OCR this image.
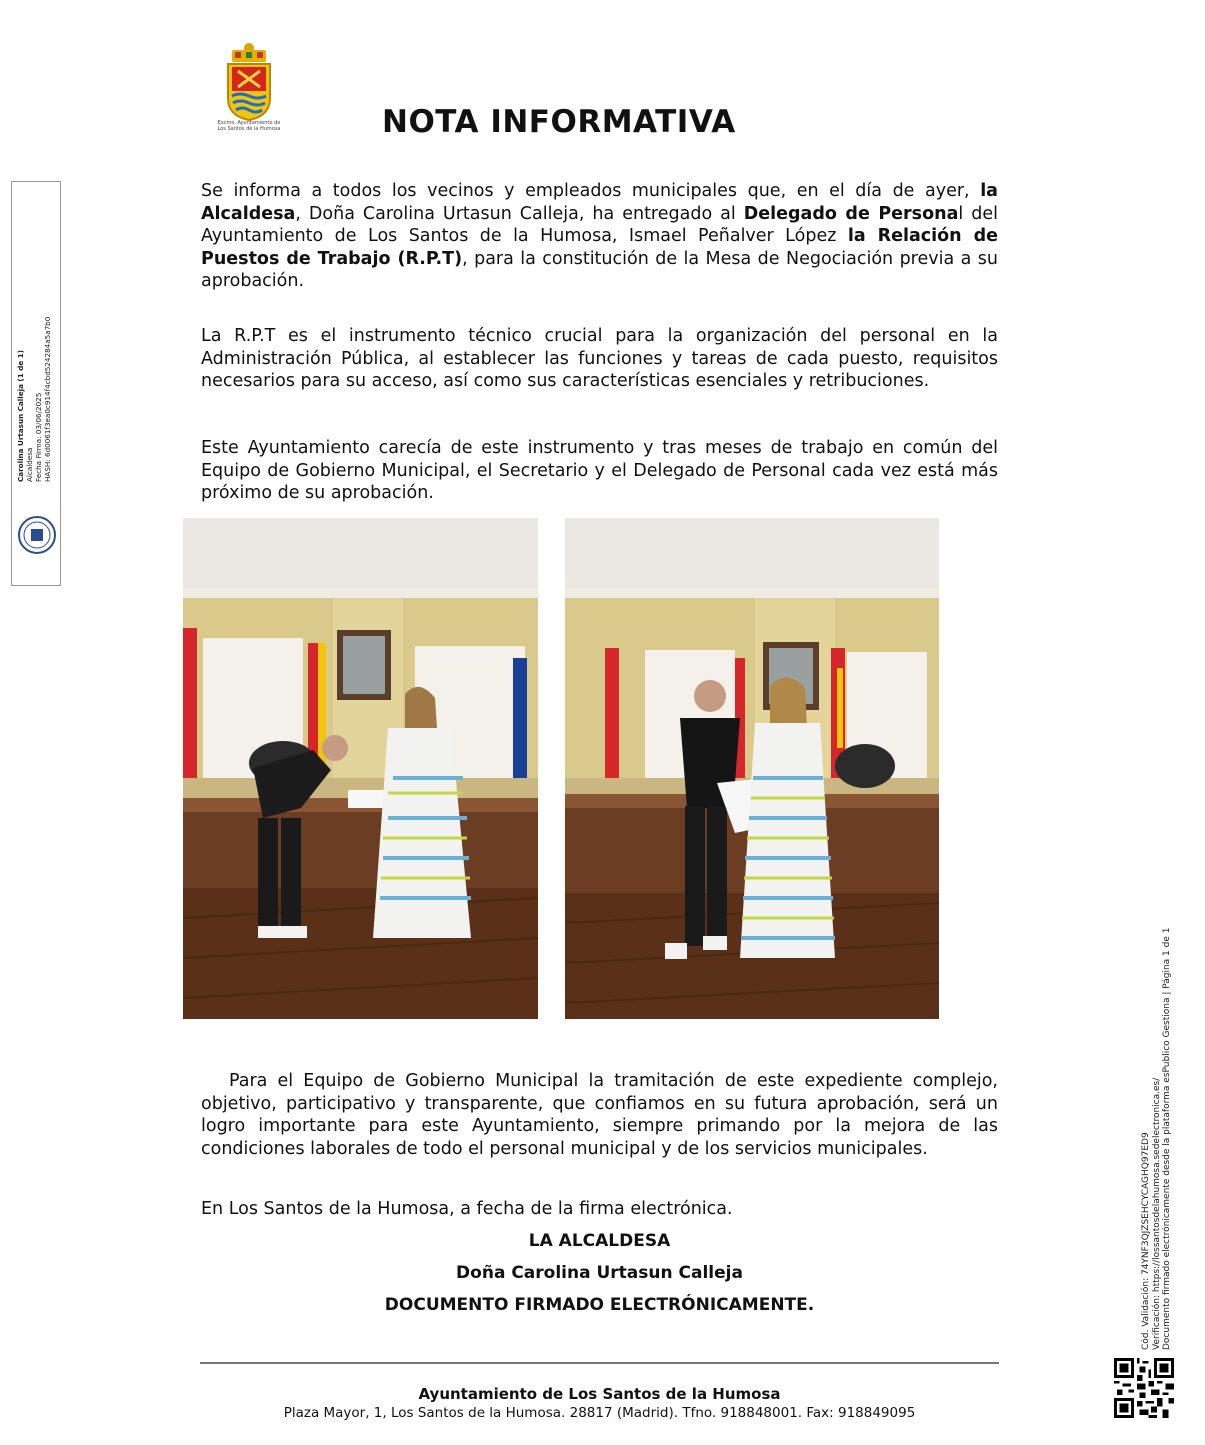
Excmo. Ayuntamiento de Los Santos de la Humosa	NOTA INFORMATIVA
Se informa a todos los vecinos y empleados municipales que, en el día de ayer, la Alcaldesa, Doña Carolina Urtasun Calleja, ha entregado al Delegado de Personal del Ayuntamiento de Los Santos de la Humosa, Ismael Peñalver López la Relación de Puestos de Trabajo (R.P.T), para la constitución de la Mesa de Negociación previa a su aprobación.
La R.P.T es el instrumento técnico crucial para la organización del personal en la Administración Pública, al establecer las funciones y tareas de cada puesto, requisitos necesarios para su acceso, así como sus características esenciales y retribuciones.
Este Ayuntamiento carecía de este instrumento y tras meses de trabajo en común del Equipo de Gobierno Municipal, el Secretario y el Delegado de Personal cada vez está más próximo de su aprobación.
Para el Equipo de Gobierno Municipal la tramitación de este expediente complejo, objetivo, participativo y transparente, que confiamos en su futura aprobación, será un logro importante para este Ayuntamiento, siempre primando por la mejora de las condiciones laborales de todo el personal municipal y de los servicios municipales.
En Los Santos de la Humosa, a fecha de la firma electrónica.
LA ALCALDESA
Doña Carolina Urtasun Calleja
DOCUMENTO FIRMADO ELECTRÓNICAMENTE.
Ayuntamiento de Los Santos de la Humosa
Plaza Mayor, 1, Los Santos de la Humosa. 28817 (Madrid). Tfno. 918848001. Fax: 918849095
Carolina Urtasun Calleja (1 de 1) Alcaldesa Fecha Firma: 03/06/2025 HASH: 6d0061f3ea0c914f4cbd524284a5a7b0
Cód. Validación: 74YNF3QJZSEHCYCAGHQ97ED9 Verificación: https://lossantosdelahumosa.sedelectronica.es/ Documento firmado electrónicamente desde la plataforma esPublico Gestiona | Página 1 de 1
